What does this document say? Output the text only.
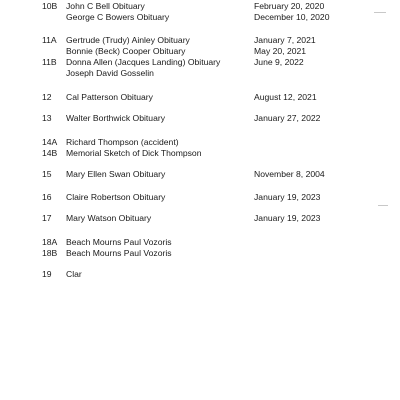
10B John C Bell Obituary	February 20, 2020
George C Bowers Obituary	December 10, 2020
11A Gertrude (Trudy) Ainley Obituary	January 7, 2021
Bonnie (Beck) Cooper Obituary	May 20, 2021
11B Donna Allen (Jacques Landing) Obituary	June 9, 2022
Joseph David Gosselin
12 Cal Patterson Obituary	August 12, 2021
13 Walter Borthwick Obituary	January 27, 2022
14A Richard Thompson (accident)
14B Memorial Sketch of Dick Thompson
15 Mary Ellen Swan Obituary	November 8, 2004
16 Claire Robertson Obituary	January 19, 2023
17 Mary Watson Obituary	January 19, 2023
18A Beach Mourns Paul Vozoris
18B Beach Mourns Paul Vozoris
19 Clar
